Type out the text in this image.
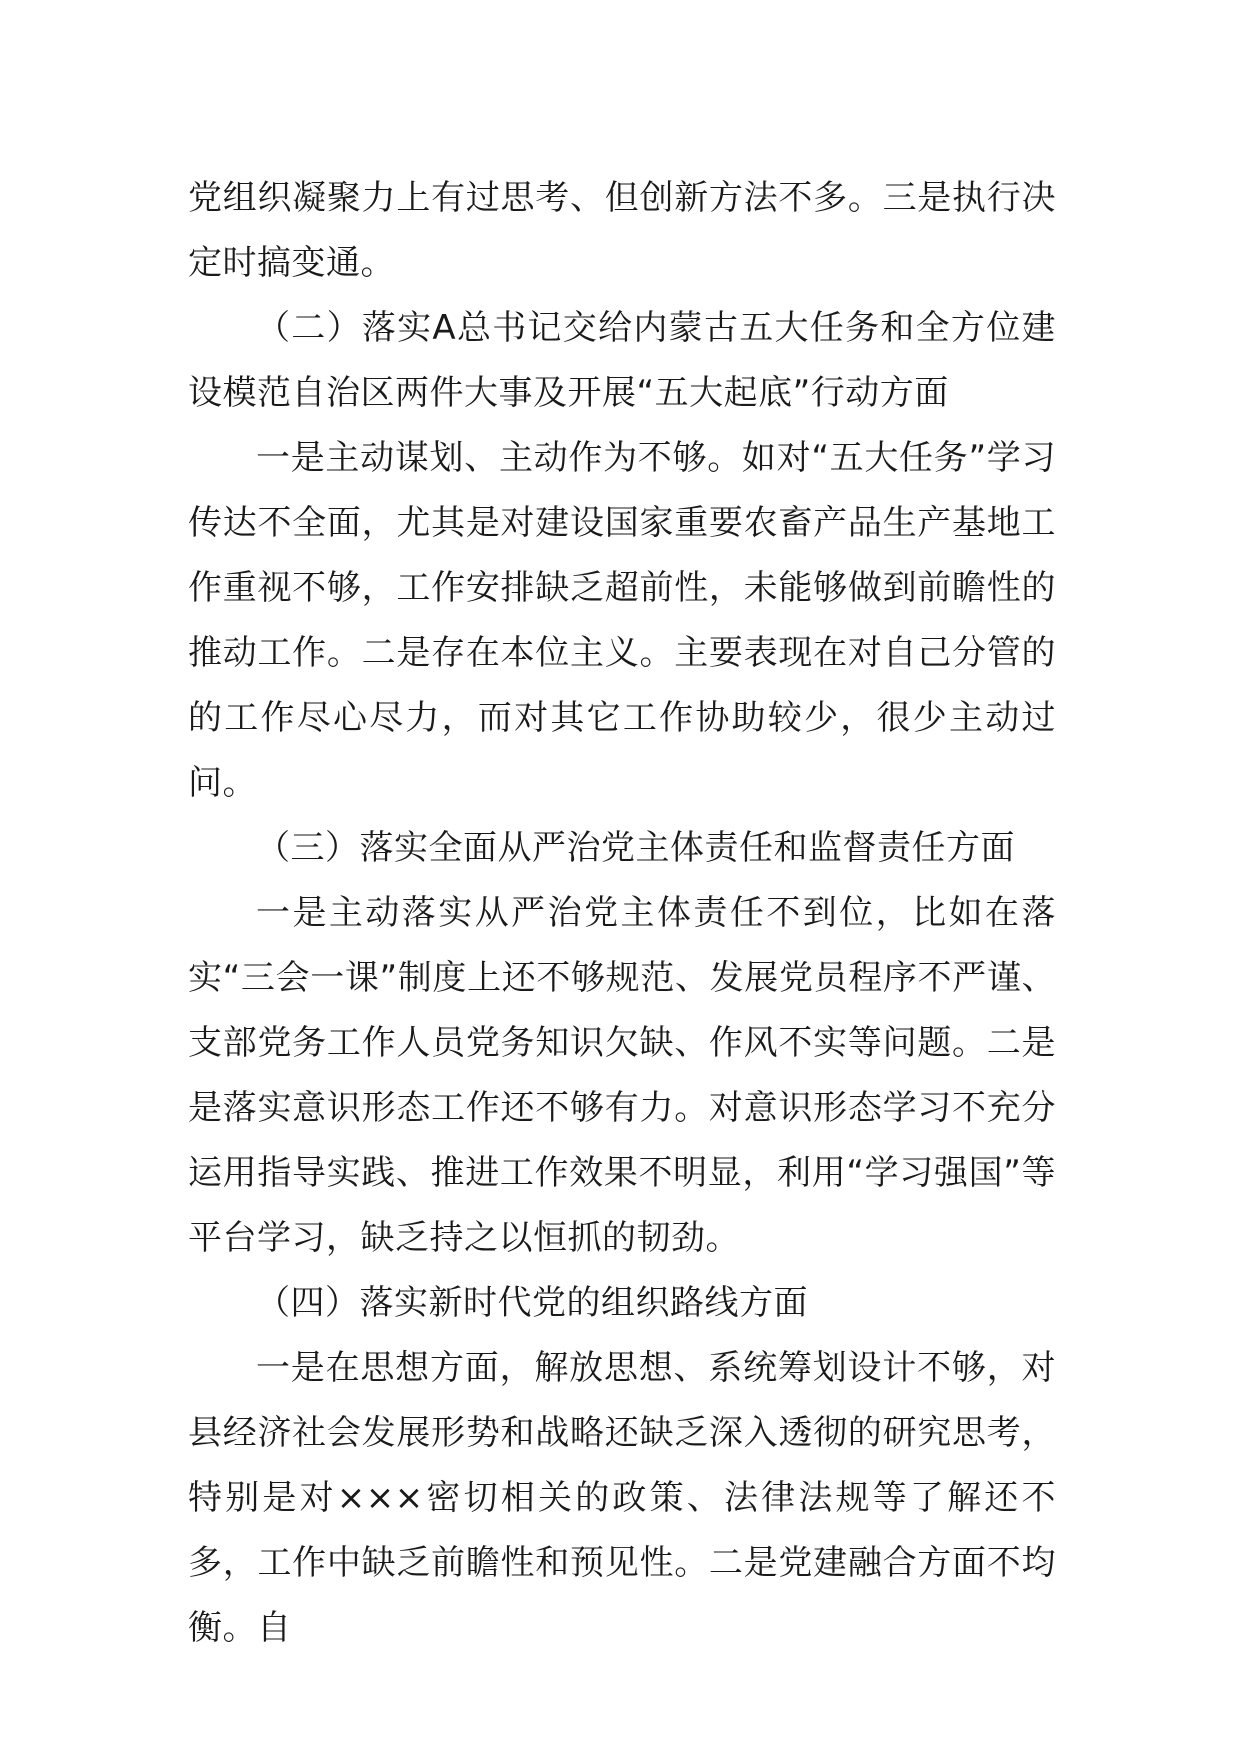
党组织凝聚力上有过思考、但创新方法不多。三是执行决定时搞变通。

（二）落实A总书记交给内蒙古五大任务和全方位建设模范自治区两件大事及开展“五大起底”行动方面

一是主动谋划、主动作为不够。如对“五大任务”学习传达不全面，尤其是对建设国家重要农畜产品生产基地工作重视不够，工作安排缺乏超前性，未能够做到前瞻性的推动工作。二是存在本位主义。主要表现在对自己分管的的工作尽心尽力，而对其它工作协助较少，很少主动过问。

（三）落实全面从严治党主体责任和监督责任方面

一是主动落实从严治党主体责任不到位，比如在落实“三会一课”制度上还不够规范、发展党员程序不严谨、支部党务工作人员党务知识欠缺、作风不实等问题。二是是落实意识形态工作还不够有力。对意识形态学习不充分运用指导实践、推进工作效果不明显，利用“学习强国”等平台学习，缺乏持之以恒抓的韧劲。

（四）落实新时代党的组织路线方面

一是在思想方面，解放思想、系统筹划设计不够，对县经济社会发展形势和战略还缺乏深入透彻的研究思考，特别是对×××密切相关的政策、法律法规等了解还不多，工作中缺乏前瞻性和预见性。二是党建融合方面不均衡。自
